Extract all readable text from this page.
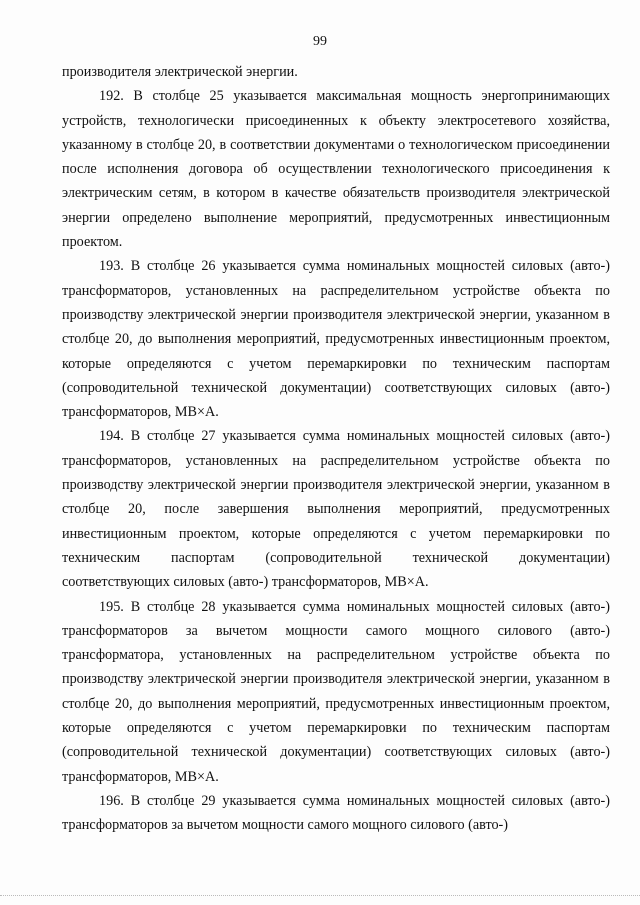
99

производителя электрической энергии.

192. В столбце 25 указывается максимальная мощность энергопринимающих устройств, технологически присоединенных к объекту электросетевого хозяйства, указанному в столбце 20, в соответствии документами о технологическом присоединении после исполнения договора об осуществлении технологического присоединения к электрическим сетям, в котором в качестве обязательств производителя электрической энергии определено выполнение мероприятий, предусмотренных инвестиционным проектом.

193. В столбце 26 указывается сумма номинальных мощностей силовых (авто-) трансформаторов, установленных на распределительном устройстве объекта по производству электрической энергии производителя электрической энергии, указанном в столбце 20, до выполнения мероприятий, предусмотренных инвестиционным проектом, которые определяются с учетом перемаркировки по техническим паспортам (сопроводительной технической документации) соответствующих силовых (авто-) трансформаторов, МВ×А.

194. В столбце 27 указывается сумма номинальных мощностей силовых (авто-) трансформаторов, установленных на распределительном устройстве объекта по производству электрической энергии производителя электрической энергии, указанном в столбце 20, после завершения выполнения мероприятий, предусмотренных инвестиционным проектом, которые определяются с учетом перемаркировки по техническим паспортам (сопроводительной технической документации) соответствующих силовых (авто-) трансформаторов, МВ×А.

195. В столбце 28 указывается сумма номинальных мощностей силовых (авто-) трансформаторов за вычетом мощности самого мощного силового (авто-) трансформатора, установленных на распределительном устройстве объекта по производству электрической энергии производителя электрической энергии, указанном в столбце 20, до выполнения мероприятий, предусмотренных инвестиционным проектом, которые определяются с учетом перемаркировки по техническим паспортам (сопроводительной технической документации) соответствующих силовых (авто-) трансформаторов, МВ×А.

196. В столбце 29 указывается сумма номинальных мощностей силовых (авто-) трансформаторов за вычетом мощности самого мощного силового (авто-)
